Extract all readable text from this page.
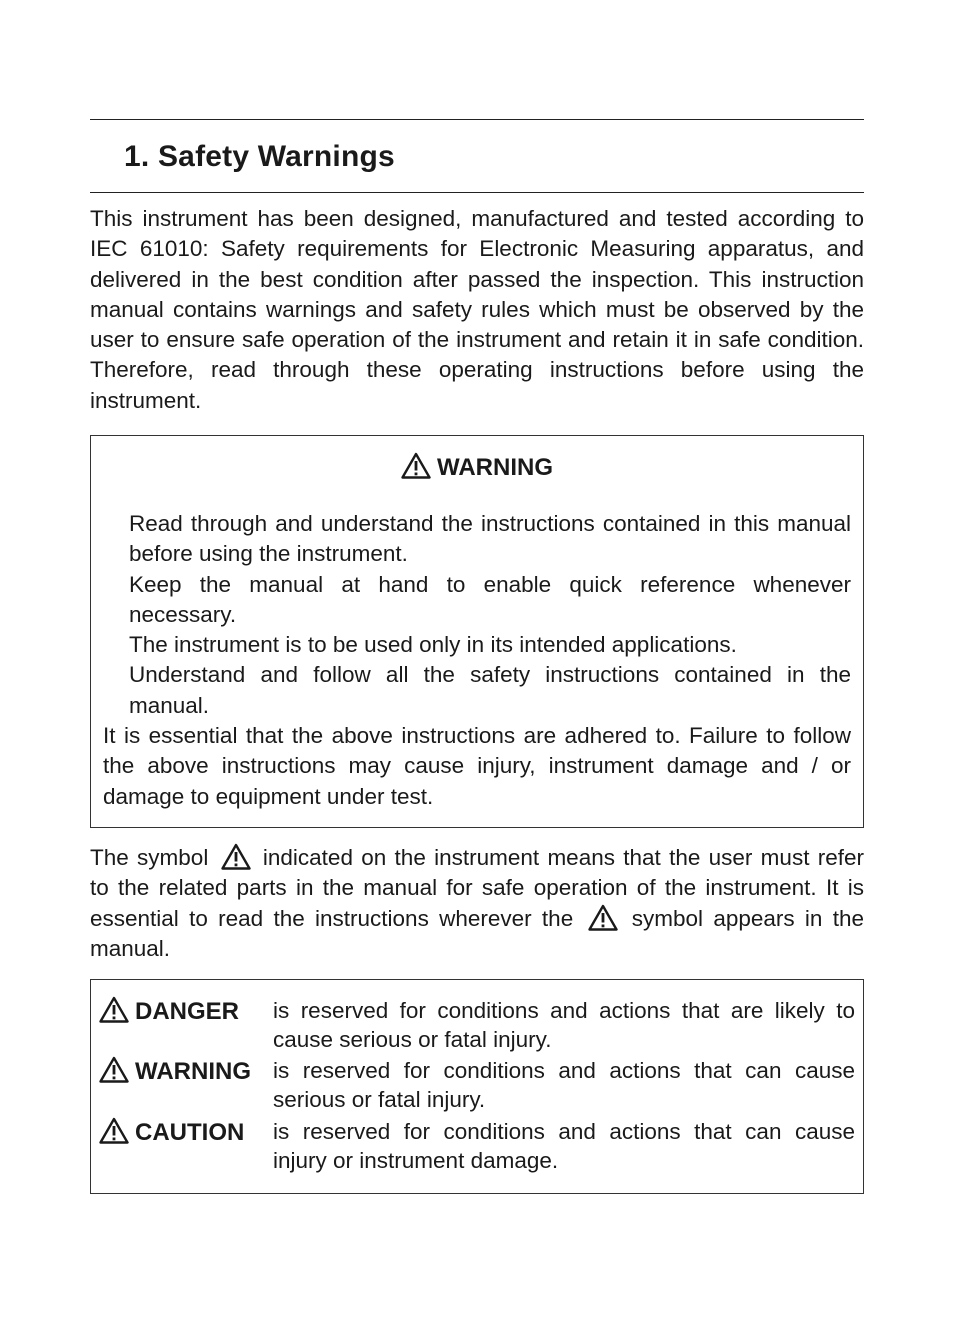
1. Safety Warnings

This instrument has been designed, manufactured and tested according to IEC 61010: Safety requirements for Electronic Measuring apparatus, and delivered in the best condition after passed the inspection. This instruction manual contains warnings and safety rules which must be observed by the user to ensure safe operation of the instrument and retain it in safe condition. Therefore, read through these operating instructions before using the instrument.

WARNING
Read through and understand the instructions contained in this manual before using the instrument.
Keep the manual at hand to enable quick reference whenever necessary.
The instrument is to be used only in its intended applications.
Understand and follow all the safety instructions contained in the manual.

It is essential that the above instructions are adhered to. Failure to follow the above instructions may cause injury, instrument damage and / or damage to equipment under test.

The symbol  indicated on the instrument means that the user must refer to the related parts in the manual for safe operation of the instrument. It is essential to read the instructions wherever the  symbol appears in the manual.

DANGER is reserved for conditions and actions that are likely to cause serious or fatal injury.
WARNING is reserved for conditions and actions that can cause serious or fatal injury.
CAUTION is reserved for conditions and actions that can cause injury or instrument damage.
